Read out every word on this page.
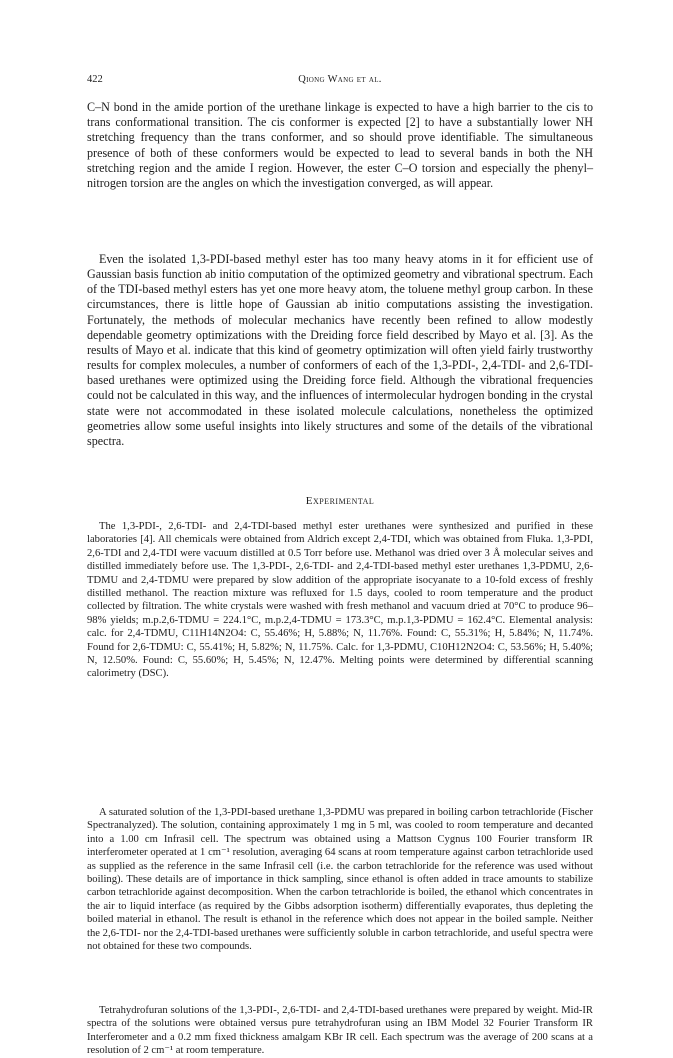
422	Qiong Wang et al.

C–N bond in the amide portion of the urethane linkage is expected to have a high barrier to the cis to trans conformational transition. The cis conformer is expected [2] to have a substantially lower NH stretching frequency than the trans conformer, and so should prove identifiable. The simultaneous presence of both of these conformers would be expected to lead to several bands in both the NH stretching region and the amide I region. However, the ester C–O torsion and especially the phenyl–nitrogen torsion are the angles on which the investigation converged, as will appear.

Even the isolated 1,3-PDI-based methyl ester has too many heavy atoms in it for efficient use of Gaussian basis function ab initio computation of the optimized geometry and vibrational spectrum. Each of the TDI-based methyl esters has yet one more heavy atom, the toluene methyl group carbon. In these circumstances, there is little hope of Gaussian ab initio computations assisting the investigation. Fortunately, the methods of molecular mechanics have recently been refined to allow modestly dependable geometry optimizations with the Dreiding force field described by Mayo et al. [3]. As the results of Mayo et al. indicate that this kind of geometry optimization will often yield fairly trustworthy results for complex molecules, a number of conformers of each of the 1,3-PDI-, 2,4-TDI- and 2,6-TDI-based urethanes were optimized using the Dreiding force field. Although the vibrational frequencies could not be calculated in this way, and the influences of intermolecular hydrogen bonding in the crystal state were not accommodated in these isolated molecule calculations, nonetheless the optimized geometries allow some useful insights into likely structures and some of the details of the vibrational spectra.

Experimental

The 1,3-PDI-, 2,6-TDI- and 2,4-TDI-based methyl ester urethanes were synthesized and purified in these laboratories [4]. All chemicals were obtained from Aldrich except 2,4-TDI, which was obtained from Fluka. 1,3-PDI, 2,6-TDI and 2,4-TDI were vacuum distilled at 0.5 Torr before use. Methanol was dried over 3 Å molecular seives and distilled immediately before use. The 1,3-PDI-, 2,6-TDI- and 2,4-TDI-based methyl ester urethanes 1,3-PDMU, 2,6-TDMU and 2,4-TDMU were prepared by slow addition of the appropriate isocyanate to a 10-fold excess of freshly distilled methanol. The reaction mixture was refluxed for 1.5 days, cooled to room temperature and the product collected by filtration. The white crystals were washed with fresh methanol and vacuum dried at 70°C to produce 96–98% yields; m.p.2,6-TDMU = 224.1°C, m.p.2,4-TDMU = 173.3°C, m.p.1,3-PDMU = 162.4°C. Elemental analysis: calc. for 2,4-TDMU, C11H14N2O4: C, 55.46%; H, 5.88%; N, 11.76%. Found: C, 55.31%; H, 5.84%; N, 11.74%. Found for 2,6-TDMU: C, 55.41%; H, 5.82%; N, 11.75%. Calc. for 1,3-PDMU, C10H12N2O4: C, 53.56%; H, 5.40%; N, 12.50%. Found: C, 55.60%; H, 5.45%; N, 12.47%. Melting points were determined by differential scanning calorimetry (DSC).

A saturated solution of the 1,3-PDI-based urethane 1,3-PDMU was prepared in boiling carbon tetrachloride (Fischer Spectranalyzed). The solution, containing approximately 1 mg in 5 ml, was cooled to room temperature and decanted into a 1.00 cm Infrasil cell. The spectrum was obtained using a Mattson Cygnus 100 Fourier transform IR interferometer operated at 1 cm⁻¹ resolution, averaging 64 scans at room temperature against carbon tetrachloride used as supplied as the reference in the same Infrasil cell (i.e. the carbon tetrachloride for the reference was used without boiling). These details are of importance in thick sampling, since ethanol is often added in trace amounts to stabilize carbon tetrachloride against decomposition. When the carbon tetrachloride is boiled, the ethanol which concentrates in the air to liquid interface (as required by the Gibbs adsorption isotherm) differentially evaporates, thus depleting the boiled material in ethanol. The result is ethanol in the reference which does not appear in the boiled sample. Neither the 2,6-TDI- nor the 2,4-TDI-based urethanes were sufficiently soluble in carbon tetrachloride, and useful spectra were not obtained for these two compounds.

Tetrahydrofuran solutions of the 1,3-PDI-, 2,6-TDI- and 2,4-TDI-based urethanes were prepared by weight. Mid-IR spectra of the solutions were obtained versus pure tetrahydrofuran using an IBM Model 32 Fourier Transform IR Interferometer and a 0.2 mm fixed thickness amalgam KBr IR cell. Each spectrum was the average of 200 scans at a resolution of 2 cm⁻¹ at room temperature.
